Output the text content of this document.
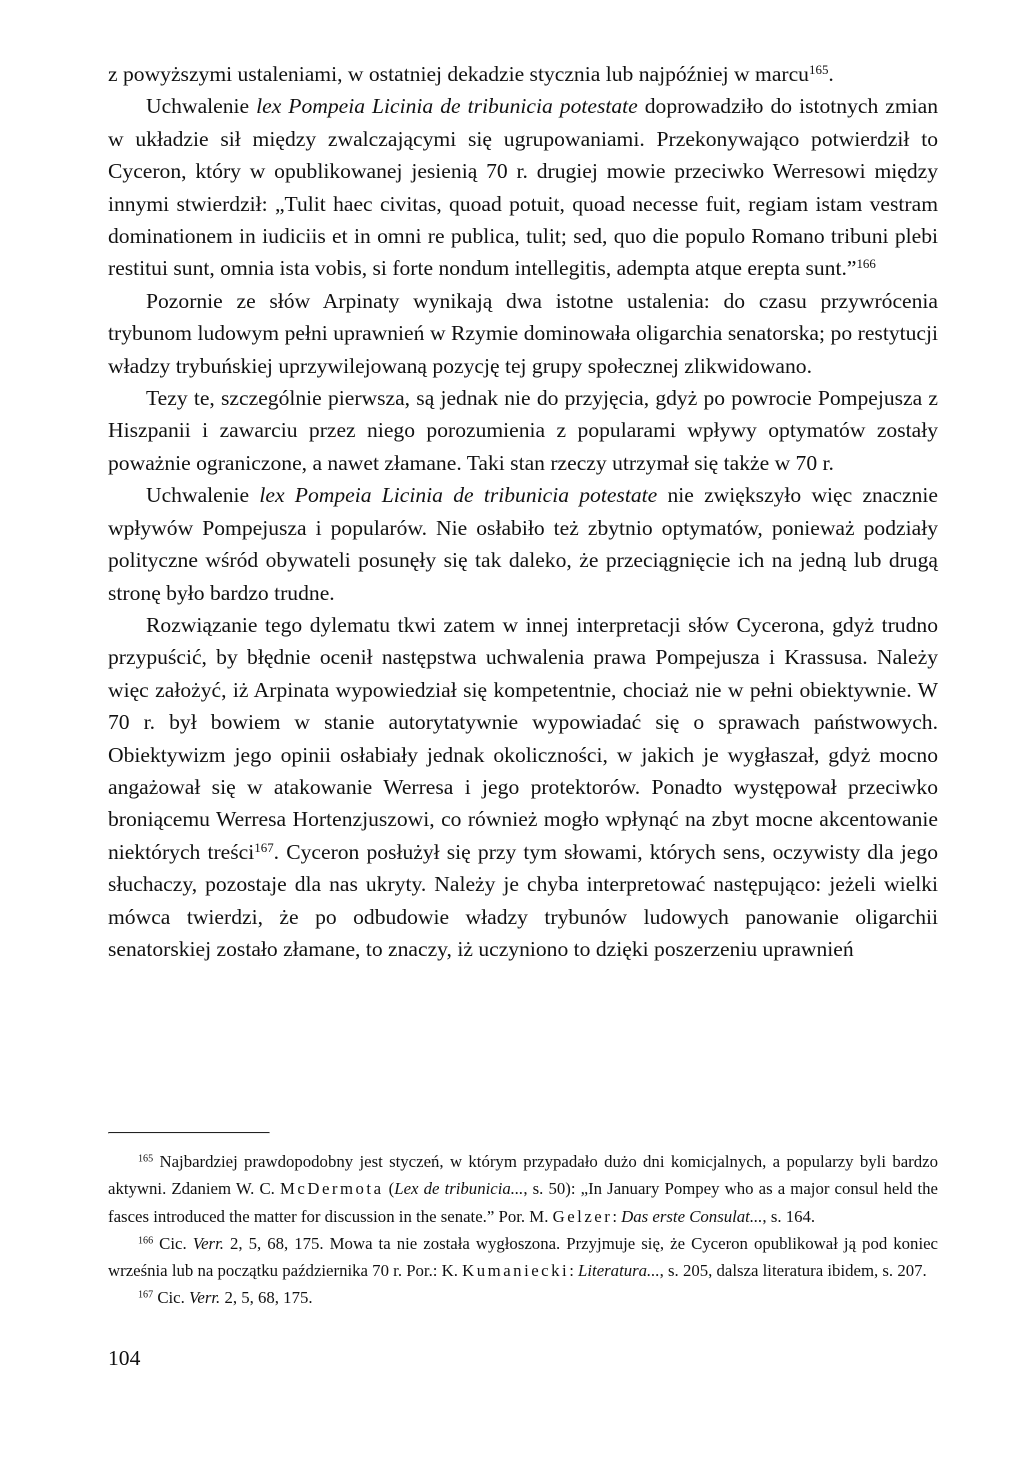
z powyższymi ustaleniami, w ostatniej dekadzie stycznia lub najpóźniej w marcu$^{165}$.

Uchwalenie lex Pompeia Licinia de tribunicia potestate doprowadziło do istotnych zmian w układzie sił między zwalczającymi się ugrupowaniami. Przekonywająco potwierdził to Cyceron, który w opublikowanej jesienią 70 r. drugiej mowie przeciwko Werresowi między innymi stwierdził: „Tulit haec civitas, quoad potuit, quoad necesse fuit, regiam istam vestram dominationem in iudiciis et in omni re publica, tulit; sed, quo die populo Romano tribuni plebi restitui sunt, omnia ista vobis, si forte nondum intellegitis, adempta atque erepta sunt.”$^{166}$

Pozornie ze słów Arpinaty wynikają dwa istotne ustalenia: do czasu przywrócenia trybunom ludowym pełni uprawnień w Rzymie dominowała oligarchia senatorska; po restytucji władzy trybuńskiej uprzywilejowaną pozycję tej grupy społecznej zlikwidowano.

Tezy te, szczególnie pierwsza, są jednak nie do przyjęcia, gdyż po powrocie Pompejusza z Hiszpanii i zawarciu przez niego porozumienia z popularami wpływy optymatów zostały poważnie ograniczone, a nawet złamane. Taki stan rzeczy utrzymał się także w 70 r.

Uchwalenie lex Pompeia Licinia de tribunicia potestate nie zwiększyło więc znacznie wpływów Pompejusza i popularów. Nie osłabiło też zbytnio optymatów, ponieważ podziały polityczne wśród obywateli posunęły się tak daleko, że przeciągnięcie ich na jedną lub drugą stronę było bardzo trudne.

Rozwiązanie tego dylematu tkwi zatem w innej interpretacji słów Cycerona, gdyż trudno przypuścić, by błędnie ocenił następstwa uchwalenia prawa Pompejusza i Krassusa. Należy więc założyć, iż Arpinata wypowiedział się kompetentnie, chociaż nie w pełni obiektywnie. W 70 r. był bowiem w stanie autorytatywnie wypowiadać się o sprawach państwowych. Obiektywizm jego opinii osłabiały jednak okoliczności, w jakich je wygłaszał, gdyż mocno angażował się w atakowanie Werresa i jego protektorów. Ponadto występował przeciwko broniącemu Werresa Hortenzjuszowi, co również mogło wpłynąć na zbyt mocne akcentowanie niektórych treści$^{167}$. Cyceron posłużył się przy tym słowami, których sens, oczywisty dla jego słuchaczy, pozostaje dla nas ukryty. Należy je chyba interpretować następująco: jeżeli wielki mówca twierdzi, że po odbudowie władzy trybunów ludowych panowanie oligarchii senatorskiej zostało złamane, to znaczy, iż uczyniono to dzięki poszerzeniu uprawnień

$^{165}$ Najbardziej prawdopodobny jest styczeń, w którym przypadało dużo dni komicjalnych, a popularzy byli bardzo aktywni. Zdaniem W. C. McDermota (Lex de tribunicia..., s. 50): „In January Pompey who as a major consul held the fasces introduced the matter for discussion in the senate.” Por. M. Gelzer: Das erste Consulat..., s. 164.

$^{166}$ Cic. Verr. 2, 5, 68, 175. Mowa ta nie została wygłoszona. Przyjmuje się, że Cyceron opublikował ją pod koniec września lub na początku października 70 r. Por.: K. Kumaniecki: Literatura..., s. 205, dalsza literatura ibidem, s. 207.

$^{167}$ Cic. Verr. 2, 5, 68, 175.

104
